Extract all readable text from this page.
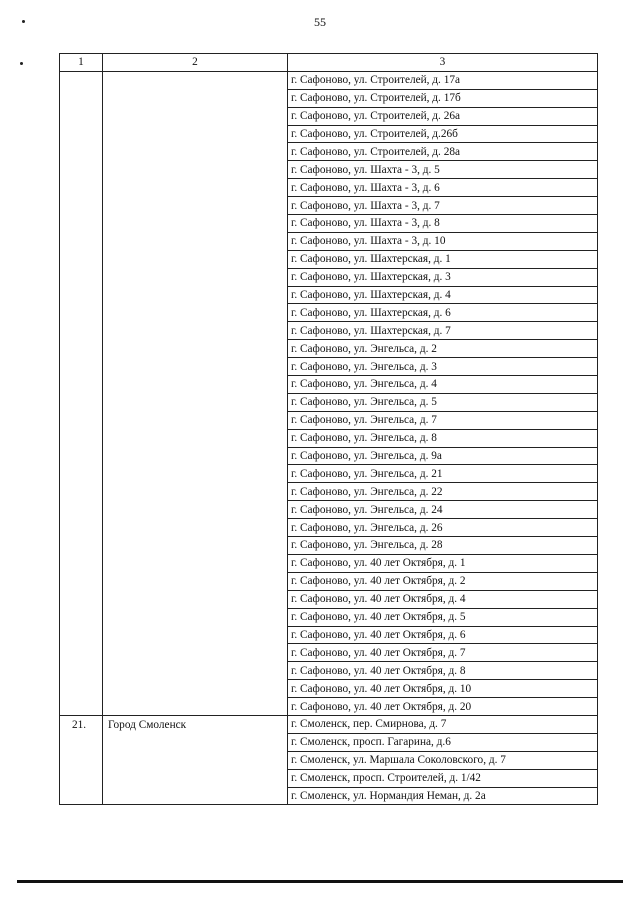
55
1	2	3
		г. Сафоново, ул. Строителей, д. 17а
		г. Сафоново, ул. Строителей, д. 17б
		г. Сафоново, ул. Строителей, д. 26а
		г. Сафоново, ул. Строителей, д.26б
		г. Сафоново, ул. Строителей, д. 28а
		г. Сафоново, ул. Шахта - 3, д. 5
		г. Сафоново, ул. Шахта - 3, д. 6
		г. Сафоново, ул. Шахта - 3, д. 7
		г. Сафоново, ул. Шахта - 3, д. 8
		г. Сафоново, ул. Шахта - 3, д. 10
		г. Сафоново, ул. Шахтерская, д. 1
		г. Сафоново, ул. Шахтерская, д. 3
		г. Сафоново, ул. Шахтерская, д. 4
		г. Сафоново, ул. Шахтерская, д. 6
		г. Сафоново, ул. Шахтерская, д. 7
		г. Сафоново, ул. Энгельса, д. 2
		г. Сафоново, ул. Энгельса, д. 3
		г. Сафоново, ул. Энгельса, д. 4
		г. Сафоново, ул. Энгельса, д. 5
		г. Сафоново, ул. Энгельса, д. 7
		г. Сафоново, ул. Энгельса, д. 8
		г. Сафоново, ул. Энгельса, д. 9а
		г. Сафоново, ул. Энгельса, д. 21
		г. Сафоново, ул. Энгельса, д. 22
		г. Сафоново, ул. Энгельса, д. 24
		г. Сафоново, ул. Энгельса, д. 26
		г. Сафоново, ул. Энгельса, д. 28
		г. Сафоново, ул. 40 лет Октября, д. 1
		г. Сафоново, ул. 40 лет Октября, д. 2
		г. Сафоново, ул. 40 лет Октября, д. 4
		г. Сафоново, ул. 40 лет Октября, д. 5
		г. Сафоново, ул. 40 лет Октября, д. 6
		г. Сафоново, ул. 40 лет Октября, д. 7
		г. Сафоново, ул. 40 лет Октября, д. 8
		г. Сафоново, ул. 40 лет Октября, д. 10
		г. Сафоново, ул. 40 лет Октября, д. 20
21.	Город Смоленск	г. Смоленск, пер. Смирнова, д. 7
		г. Смоленск, просп. Гагарина, д.6
		г. Смоленск, ул. Маршала Соколовского, д. 7
		г. Смоленск, просп. Строителей, д. 1/42
		г. Смоленск, ул. Нормандия Неман, д. 2а
